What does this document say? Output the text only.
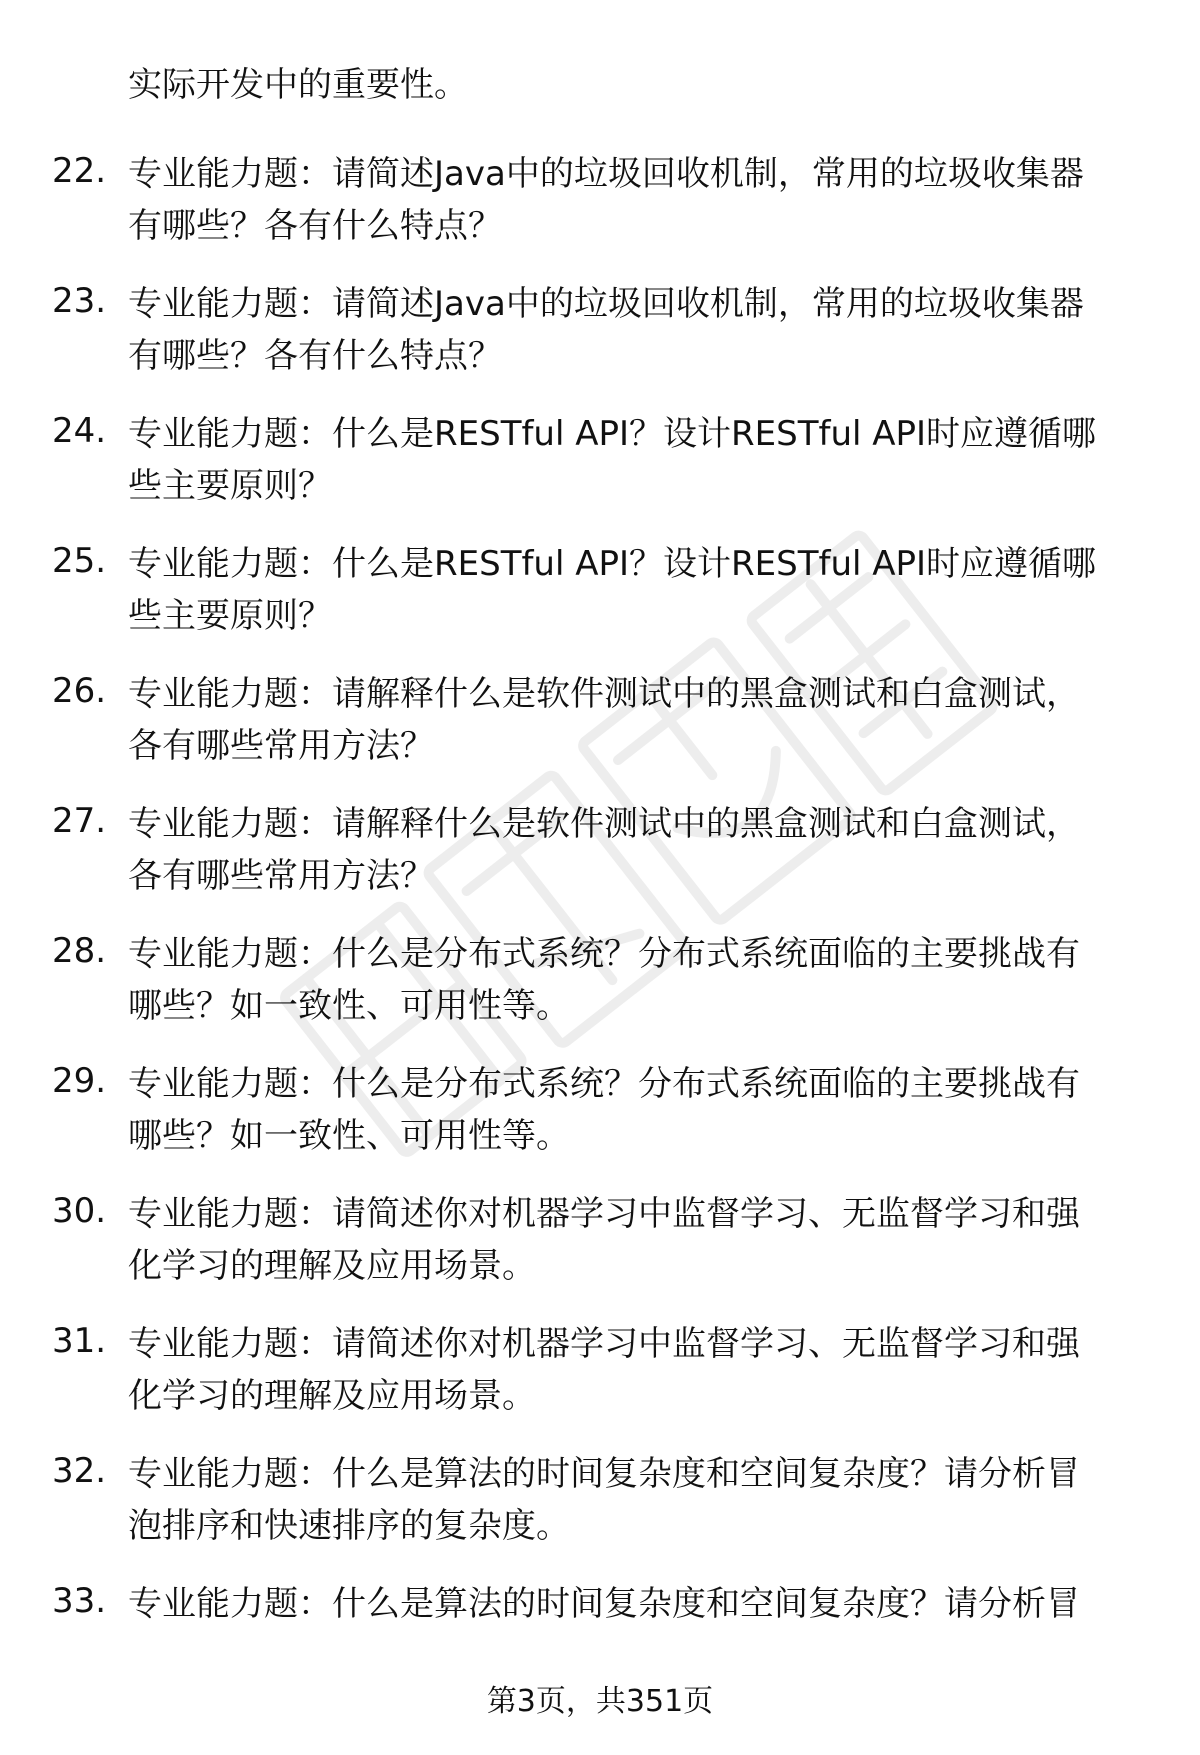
实际开发中的重要性。
22. 专业能力题：请简述Java中的垃圾回收机制，常用的垃圾收集器
有哪些？各有什么特点？
23. 专业能力题：请简述Java中的垃圾回收机制，常用的垃圾收集器
有哪些？各有什么特点？
24. 专业能力题：什么是RESTful API？设计RESTful API时应遵循哪
些主要原则？
25. 专业能力题：什么是RESTful API？设计RESTful API时应遵循哪
些主要原则？
26. 专业能力题：请解释什么是软件测试中的黑盒测试和白盒测试，
各有哪些常用方法？
27. 专业能力题：请解释什么是软件测试中的黑盒测试和白盒测试，
各有哪些常用方法？
28. 专业能力题：什么是分布式系统？分布式系统面临的主要挑战有
哪些？如一致性、可用性等。
29. 专业能力题：什么是分布式系统？分布式系统面临的主要挑战有
哪些？如一致性、可用性等。
30. 专业能力题：请简述你对机器学习中监督学习、无监督学习和强
化学习的理解及应用场景。
31. 专业能力题：请简述你对机器学习中监督学习、无监督学习和强
化学习的理解及应用场景。
32. 专业能力题：什么是算法的时间复杂度和空间复杂度？请分析冒
泡排序和快速排序的复杂度。
33. 专业能力题：什么是算法的时间复杂度和空间复杂度？请分析冒
第3页，共351页
